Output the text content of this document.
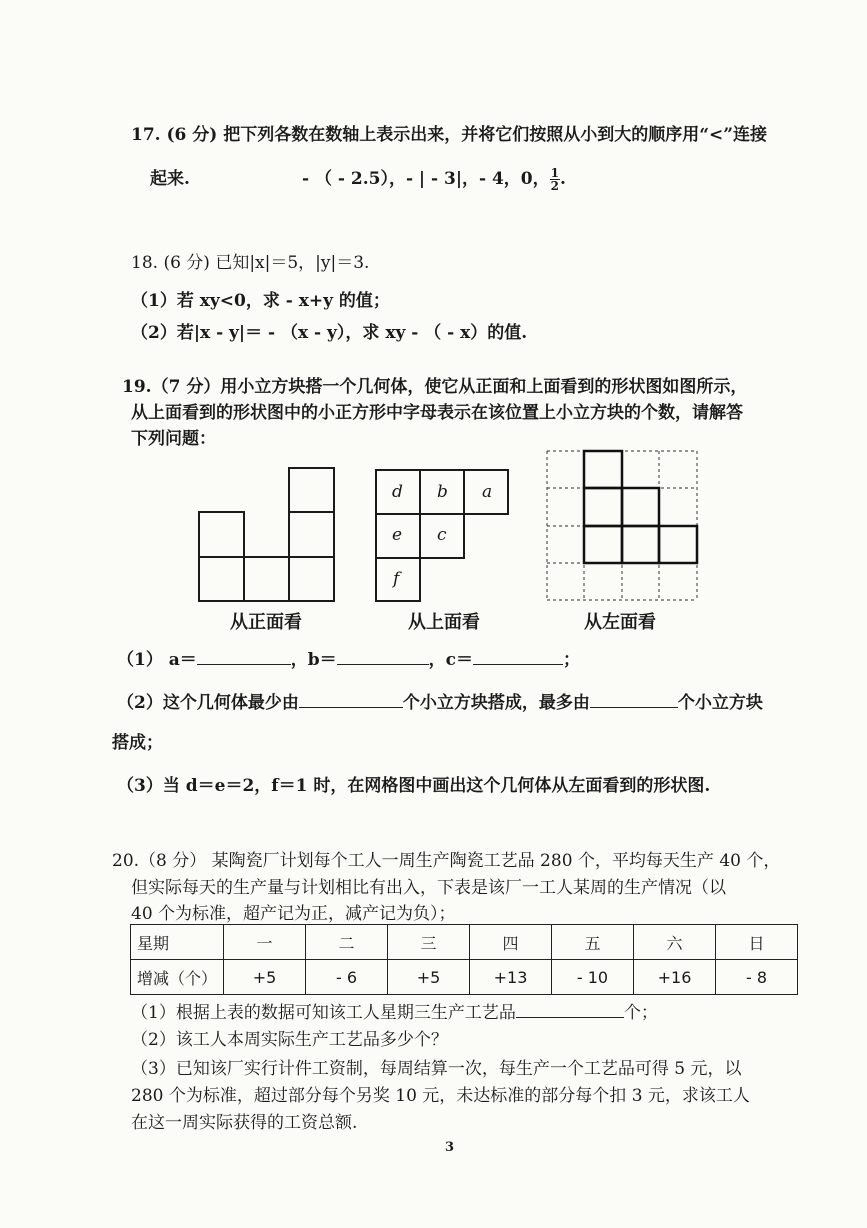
17. (6 分) 把下列各数在数轴上表示出来，并将它们按照从小到大的顺序用“<”连接
起来.	- （ - 2.5），- | - 3|，- 4，0， $\frac{1}{2}$ .
18. (6 分) 已知|x|＝5，|y|＝3.
（1）若 xy<0，求 - x+y 的值；
（2）若|x - y|＝ - （x - y），求 xy - （ - x）的值.
19.（7 分）用小立方块搭一个几何体，使它从正面和上面看到的形状图如图所示，
从上面看到的形状图中的小正方形中字母表示在该位置上小立方块的个数，请解答
下列问题：
d b a
e c
f
从正面看	从上面看	从左面看
（1） a＝	，b＝	，c＝	；
（2）这个几何体最少由	个小立方块搭成，最多由	个小立方块
搭成；
（3）当 d＝e＝2，f＝1 时，在网格图中画出这个几何体从左面看到的形状图.
20.（8 分） 某陶瓷厂计划每个工人一周生产陶瓷工艺品 280 个，平均每天生产 40 个，
但实际每天的生产量与计划相比有出入，下表是该厂一工人某周的生产情况（以
40 个为标准，超产记为正，减产记为负）；
星期	一	二	三	四	五	六	日
增减（个）	+5	- 6	+5	+13	- 10	+16	- 8
（1）根据上表的数据可知该工人星期三生产工艺品	个；
（2）该工人本周实际生产工艺品多少个？
（3）已知该厂实行计件工资制，每周结算一次，每生产一个工艺品可得 5 元，以
280 个为标准，超过部分每个另奖 10 元，未达标准的部分每个扣 3 元，求该工人
在这一周实际获得的工资总额.
3
